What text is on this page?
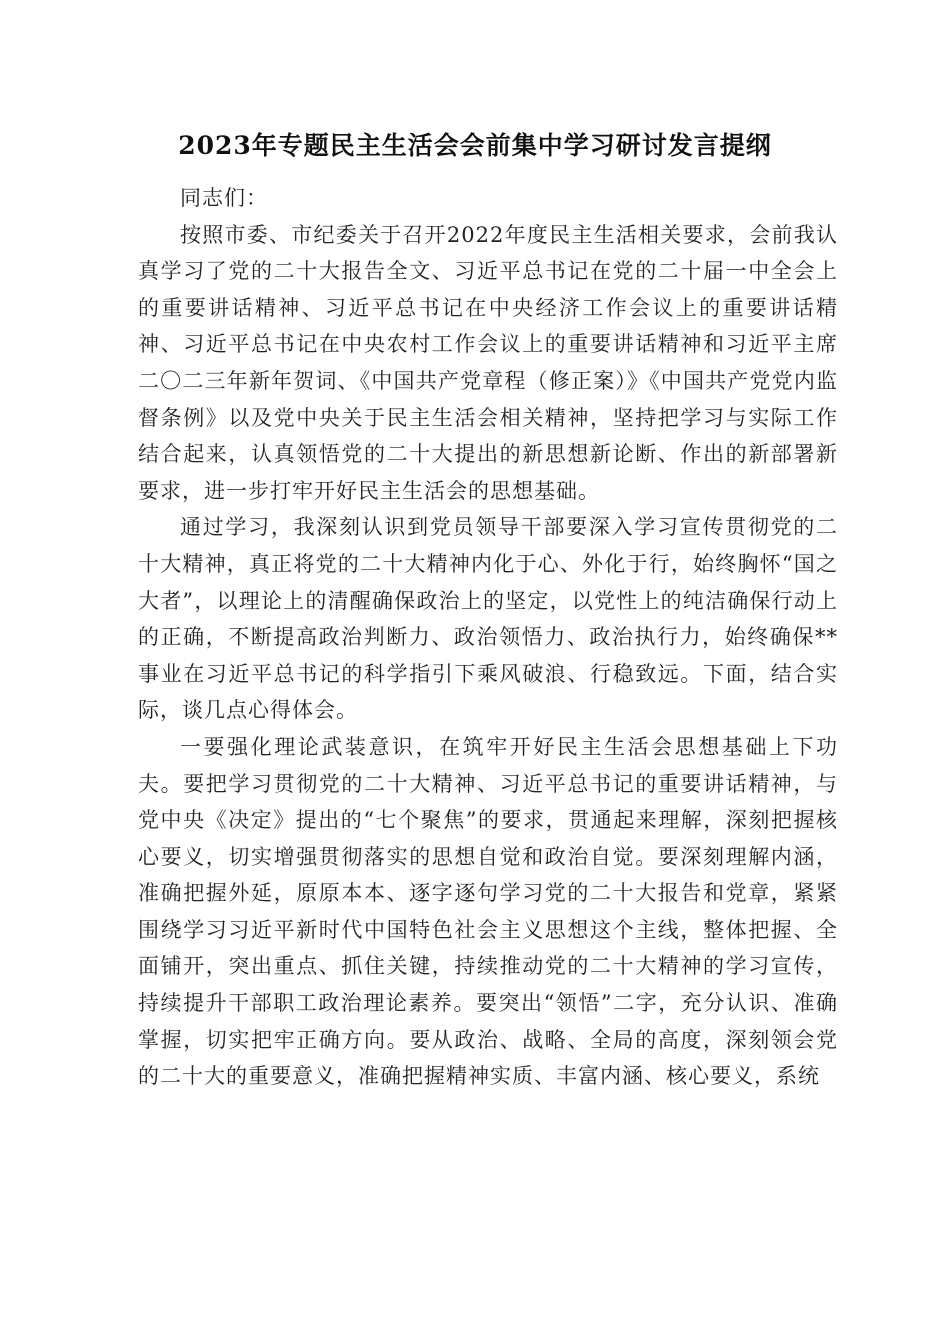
2023年专题民主生活会会前集中学习研讨发言提纲

同志们：

按照市委、市纪委关于召开2022年度民主生活相关要求，会前我认真学习了党的二十大报告全文、习近平总书记在党的二十届一中全会上的重要讲话精神、习近平总书记在中央经济工作会议上的重要讲话精神、习近平总书记在中央农村工作会议上的重要讲话精神和习近平主席二〇二三年新年贺词、《中国共产党章程（修正案）》《中国共产党党内监督条例》以及党中央关于民主生活会相关精神，坚持把学习与实际工作结合起来，认真领悟党的二十大提出的新思想新论断、作出的新部署新要求，进一步打牢开好民主生活会的思想基础。

通过学习，我深刻认识到党员领导干部要深入学习宣传贯彻党的二十大精神，真正将党的二十大精神内化于心、外化于行，始终胸怀“国之大者”，以理论上的清醒确保政治上的坚定，以党性上的纯洁确保行动上的正确，不断提高政治判断力、政治领悟力、政治执行力，始终确保**事业在习近平总书记的科学指引下乘风破浪、行稳致远。下面，结合实际，谈几点心得体会。

一要强化理论武装意识，在筑牢开好民主生活会思想基础上下功夫。要把学习贯彻党的二十大精神、习近平总书记的重要讲话精神，与党中央《决定》提出的“七个聚焦”的要求，贯通起来理解，深刻把握核心要义，切实增强贯彻落实的思想自觉和政治自觉。要深刻理解内涵，准确把握外延，原原本本、逐字逐句学习党的二十大报告和党章，紧紧围绕学习习近平新时代中国特色社会主义思想这个主线，整体把握、全面铺开，突出重点、抓住关键，持续推动党的二十大精神的学习宣传，持续提升干部职工政治理论素养。要突出“领悟”二字，充分认识、准确掌握，切实把牢正确方向。要从政治、战略、全局的高度，深刻领会党的二十大的重要意义，准确把握精神实质、丰富内涵、核心要义，系统
